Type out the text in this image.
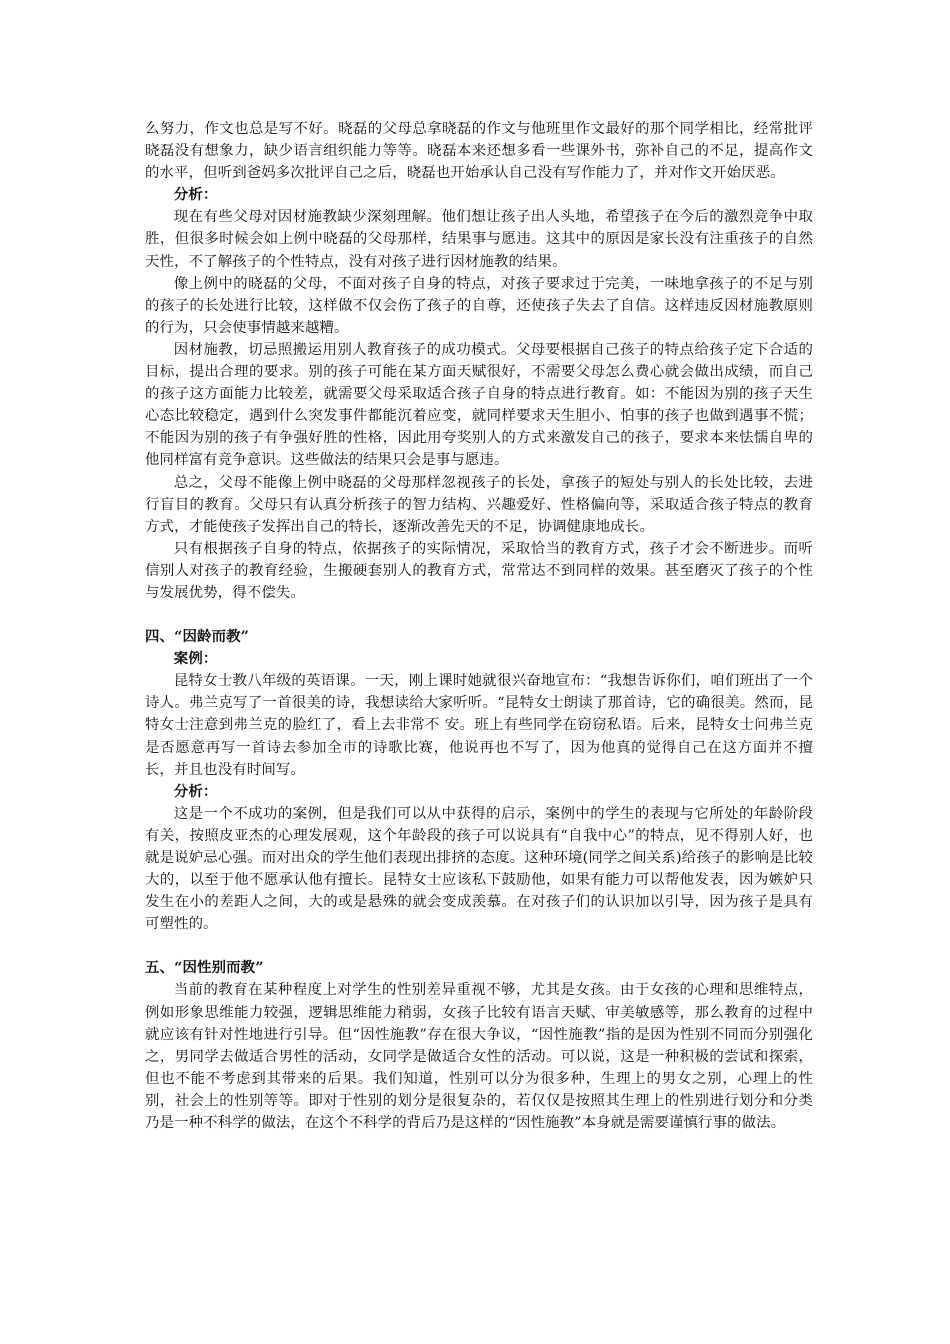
么努力，作文也总是写不好。晓磊的父母总拿晓磊的作文与他班里作文最好的那个同学相比，经常批评晓磊没有想象力，缺少语言组织能力等等。晓磊本来还想多看一些课外书，弥补自己的不足，提高作文的水平，但听到爸妈多次批评自己之后，晓磊也开始承认自己没有写作能力了，并对作文开始厌恶。

分析：

现在有些父母对因材施教缺少深刻理解。他们想让孩子出人头地，希望孩子在今后的激烈竞争中取胜，但很多时候会如上例中晓磊的父母那样，结果事与愿违。这其中的原因是家长没有注重孩子的自然天性，不了解孩子的个性特点，没有对孩子进行因材施教的结果。

像上例中的晓磊的父母，不面对孩子自身的特点，对孩子要求过于完美，一味地拿孩子的不足与别的孩子的长处进行比较，这样做不仅会伤了孩子的自尊，还使孩子失去了自信。这样违反因材施教原则的行为，只会使事情越来越糟。

因材施教，切忌照搬运用别人教育孩子的成功模式。父母要根据自己孩子的特点给孩子定下合适的目标，提出合理的要求。别的孩子可能在某方面天赋很好，不需要父母怎么费心就会做出成绩，而自己的孩子这方面能力比较差，就需要父母采取适合孩子自身的特点进行教育。如：不能因为别的孩子天生心态比较稳定，遇到什么突发事件都能沉着应变，就同样要求天生胆小、怕事的孩子也做到遇事不慌；不能因为别的孩子有争强好胜的性格，因此用夸奖别人的方式来激发自己的孩子，要求本来怯懦自卑的他同样富有竞争意识。这些做法的结果只会是事与愿违。

总之，父母不能像上例中晓磊的父母那样忽视孩子的长处，拿孩子的短处与别人的长处比较，去进行盲目的教育。父母只有认真分析孩子的智力结构、兴趣爱好、性格偏向等，采取适合孩子特点的教育方式，才能使孩子发挥出自己的特长，逐渐改善先天的不足，协调健康地成长。

只有根据孩子自身的特点，依据孩子的实际情况，采取恰当的教育方式，孩子才会不断进步。而听信别人对孩子的教育经验，生搬硬套别人的教育方式，常常达不到同样的效果。甚至磨灭了孩子的个性与发展优势，得不偿失。

四、“因龄而教”
案例：

昆特女士教八年级的英语课。一天，刚上课时她就很兴奋地宣布：“我想告诉你们，咱们班出了一个诗人。弗兰克写了一首很美的诗，我想读给大家听听。“昆特女士朗读了那首诗，它的确很美。然而，昆特女士注意到弗兰克的脸红了，看上去非常不 安。班上有些同学在窃窃私语。后来，昆特女士问弗兰克是否愿意再写一首诗去参加全市的诗歌比赛，他说再也不写了，因为他真的觉得自己在这方面并不擅长，并且也没有时间写。

分析：

这是一个不成功的案例，但是我们可以从中获得的启示，案例中的学生的表现与它所处的年龄阶段有关，按照皮亚杰的心理发展观，这个年龄段的孩子可以说具有“自我中心”的特点，见不得别人好，也就是说妒忌心强。而对出众的学生他们表现出排挤的态度。这种环境(同学之间关系)给孩子的影响是比较大的，以至于他不愿承认他有擅长。昆特女士应该私下鼓励他，如果有能力可以帮他发表，因为嫉妒只发生在小的差距人之间，大的或是悬殊的就会变成羡慕。在对孩子们的认识加以引导，因为孩子是具有可塑性的。

五、“因性别而教”

当前的教育在某种程度上对学生的性别差异重视不够，尤其是女孩。由于女孩的心理和思维特点，例如形象思维能力较强，逻辑思维能力稍弱，女孩子比较有语言天赋、审美敏感等，那么教育的过程中就应该有针对性地进行引导。但“因性施教”存在很大争议，“因性施教”指的是因为性别不同而分别强化之，男同学去做适合男性的活动，女同学是做适合女性的活动。可以说，这是一种积极的尝试和探索，但也不能不考虑到其带来的后果。我们知道，性别可以分为很多种，生理上的男女之别，心理上的性别，社会上的性别等等。即对于性别的划分是很复杂的，若仅仅是按照其生理上的性别进行划分和分类乃是一种不科学的做法，在这个不科学的背后乃是这样的“因性施教”本身就是需要谨慎行事的做法。
